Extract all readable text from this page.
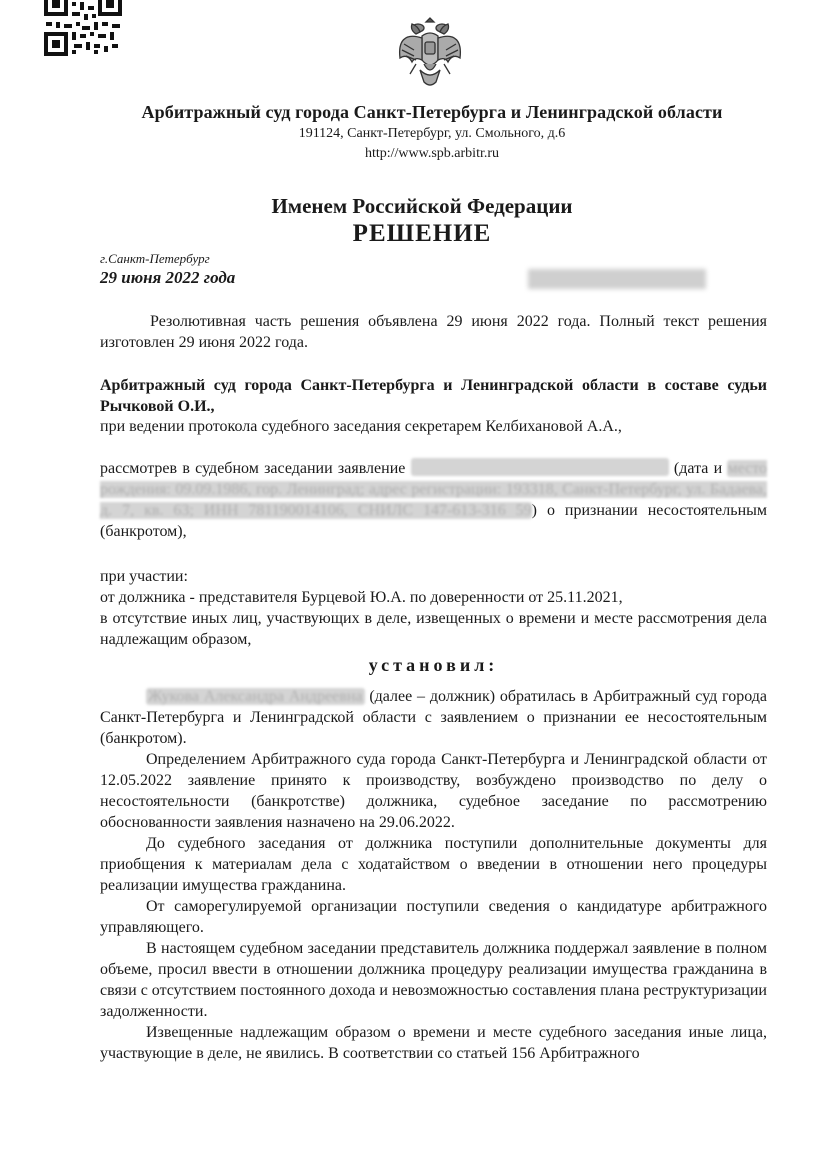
Арбитражный суд города Санкт-Петербурга и Ленинградской области
191124, Санкт-Петербург, ул. Смольного, д.6
http://www.spb.arbitr.ru
Именем Российской Федерации
РЕШЕНИЕ
г.Санкт-Петербург
29 июня 2022 года

Резолютивная часть решения объявлена 29 июня 2022 года. Полный текст решения изготовлен 29 июня 2022 года.

Арбитражный суд города Санкт-Петербурга и Ленинградской области в составе судьи Рычковой О.И.,

при ведении протокола судебного заседания секретарем Келбихановой А.А.,

рассмотрев в судебном заседании заявление	(дата и место рождения: 09.09.1986, гор. Ленинград; адрес регистрации: 193318, Санкт-Петербург, ул. Бадаева, д. 7, кв. 63; ИНН 781190014106, СНИЛС 147-613-316 59) о признании несостоятельным (банкротом),

при участии:

от должника - представителя Бурцевой Ю.А. по доверенности от 25.11.2021,

в отсутствие иных лиц, участвующих в деле, извещенных о времени и месте рассмотрения дела надлежащим образом,

установил:

Жукова Александра Андреевна (далее – должник) обратилась в Арбитражный суд города Санкт-Петербурга и Ленинградской области с заявлением о признании ее несостоятельным (банкротом).

Определением Арбитражного суда города Санкт-Петербурга и Ленинградской области от 12.05.2022 заявление принято к производству, возбуждено производство по делу о несостоятельности (банкротстве) должника, судебное заседание по рассмотрению обоснованности заявления назначено на 29.06.2022.

До судебного заседания от должника поступили дополнительные документы для приобщения к материалам дела с ходатайством о введении в отношении него процедуры реализации имущества гражданина.

От саморегулируемой организации поступили сведения о кандидатуре арбитражного управляющего.

В настоящем судебном заседании представитель должника поддержал заявление в полном объеме, просил ввести в отношении должника процедуру реализации имущества гражданина в связи с отсутствием постоянного дохода и невозможностью составления плана реструктуризации задолженности.

Извещенные надлежащим образом о времени и месте судебного заседания иные лица, участвующие в деле, не явились. В соответствии со статьей 156 Арбитражного
